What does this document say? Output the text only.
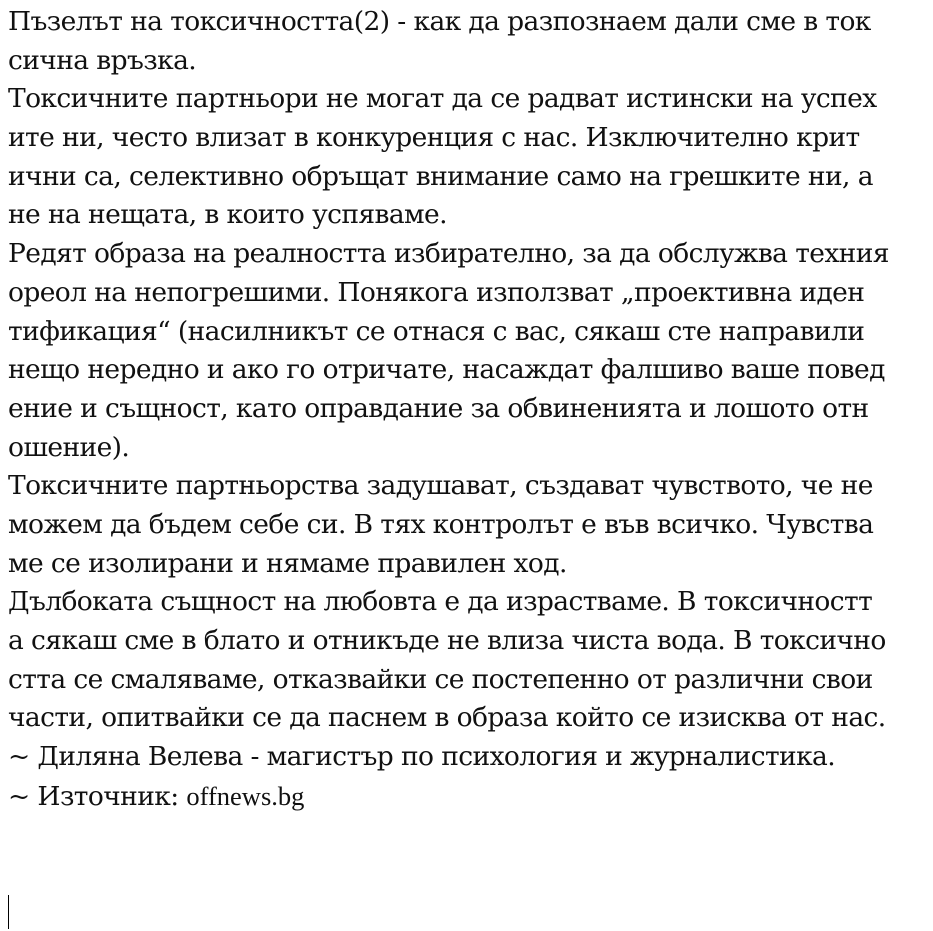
Пъзелът на токсичността(2) - как да разпознаем дали сме в ток
сична връзка.
Токсичните партньори не могат да се радват истински на успех
ите ни, често влизат в конкуренция с нас. Изключително крит
ични са, селективно обръщат внимание само на грешките ни, а
не на нещата, в които успяваме.
Редят образа на реалността избирателно, за да обслужва техния
ореол на непогрешими. Понякога използват „проективна иден
тификация“ (насилникът се отнася с вас, сякаш сте направили
нещо нередно и ако го отричате, насаждат фалшиво ваше повед
ение и същност, като оправдание за обвиненията и лошото отн
ошение).
Токсичните партньорства задушават, създават чувството, че не
можем да бъдем себе си. В тях контролът е във всичко. Чувства
ме се изолирани и нямаме правилен ход.
Дълбоката същност на любовта е да израстваме. В токсичностт
а сякаш сме в блато и отникъде не влиза чиста вода. В токсично
стта се смаляваме, отказвайки се постепенно от различни свои
части, опитвайки се да паснем в образа който се изисква от нас.
~ Диляна Велева - магистър по психология и журналистика.
~ Източник: offnews.bg
